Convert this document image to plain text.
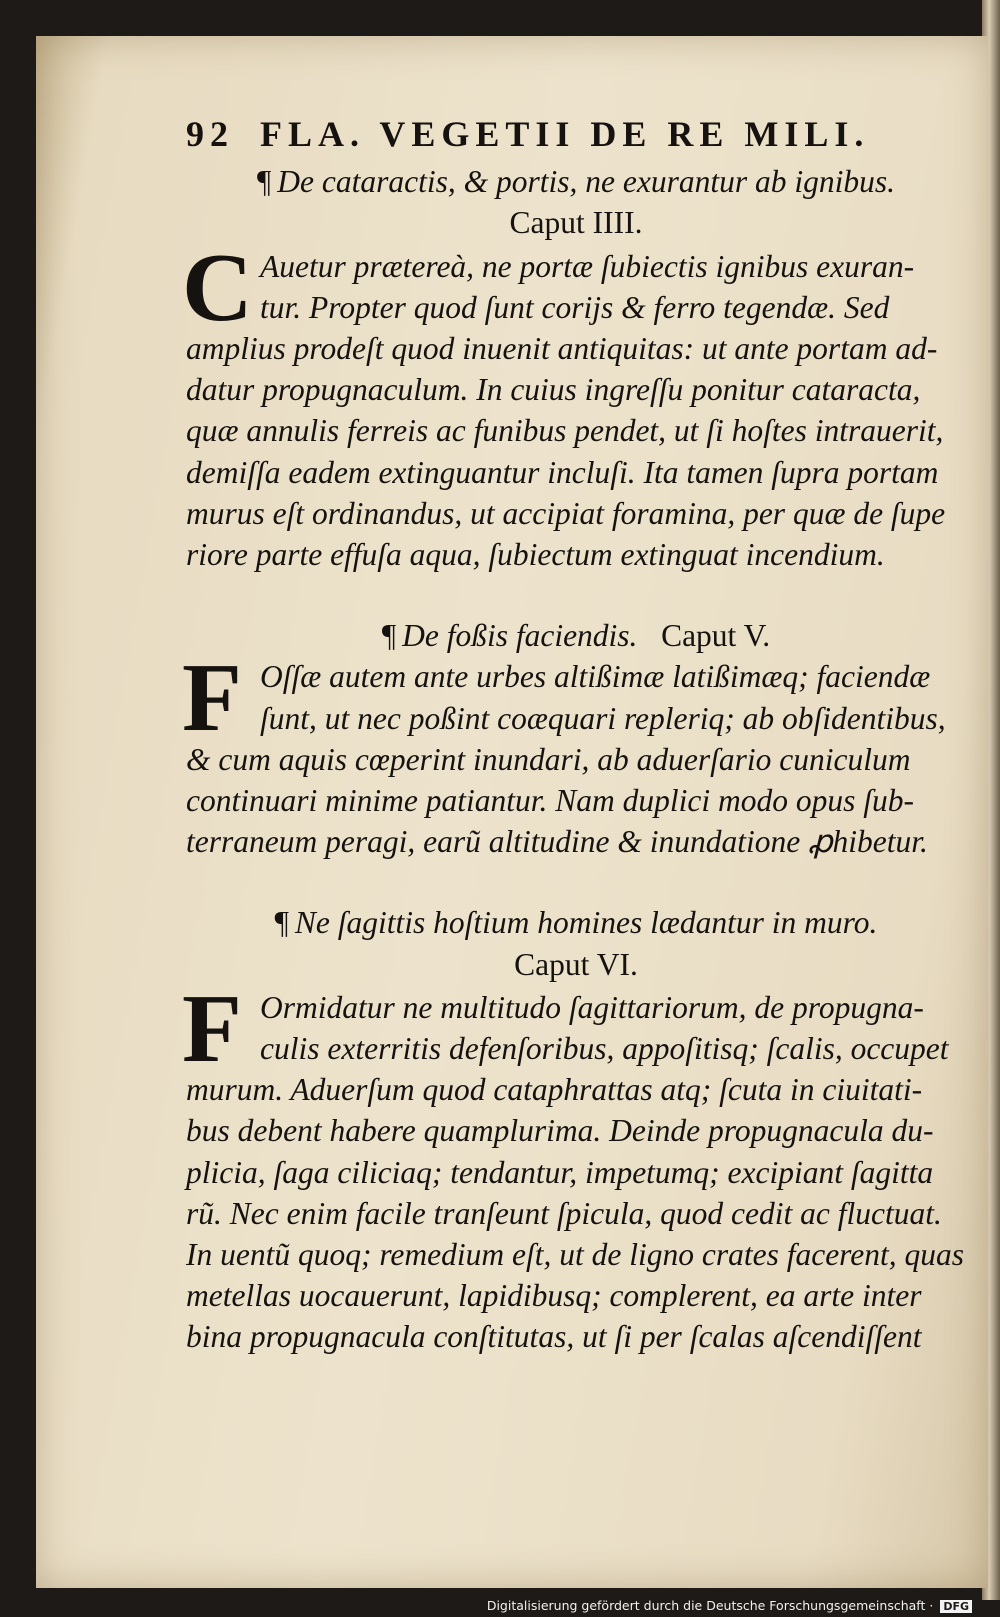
92 FLA. VEGETII DE RE MILI.
¶ De cataractis, & portis, ne exurantur ab ignibus.
Caput IIII.
C Auetur prætereà, ne portæ ſubiectis ignibus exuran-
tur. Propter quod ſunt corijs & ferro tegendæ. Sed
amplius prodeſt quod inuenit antiquitas: ut ante portam ad-
datur propugnaculum. In cuius ingreſſu ponitur cataracta,
quæ annulis ferreis ac funibus pendet, ut ſi hoſtes intrauerit,
demiſſa eadem extinguantur incluſi. Ita tamen ſupra portam
murus eſt ordinandus, ut accipiat foramina, per quæ de ſupe
riore parte effuſa aqua, ſubiectum extinguat incendium.
¶ De foßis faciendis. Caput V.
F Oſſæ autem ante urbes altißimæ latißimæq; faciendæ
ſunt, ut nec poßint coæquari repleriq; ab obſidentibus,
& cum aquis cœperint inundari, ab aduerſario cuniculum
continuari minime patiantur. Nam duplici modo opus ſub-
terraneum peragi, earũ altitudine & inundatione ꝓhibetur.
¶ Ne ſagittis hoſtium homines lædantur in muro.
Caput VI.
F Ormidatur ne multitudo ſagittariorum, de propugna-
culis exterritis defenſoribus, appoſitisq; ſcalis, occupet
murum. Aduerſum quod cataphrattas atq; ſcuta in ciuitati-
bus debent habere quamplurima. Deinde propugnacula du-
plicia, ſaga ciliciaq; tendantur, impetumq; excipiant ſagitta
rũ. Nec enim facile tranſeunt ſpicula, quod cedit ac fluctuat.
In uentũ quoq; remedium eſt, ut de ligno crates facerent, quas
metellas uocauerunt, lapidibusq; complerent, ea arte inter
bina propugnacula conſtitutas, ut ſi per ſcalas aſcendiſſent
Digitalisierung gefördert durch die Deutsche Forschungsgemeinschaft · DFG
